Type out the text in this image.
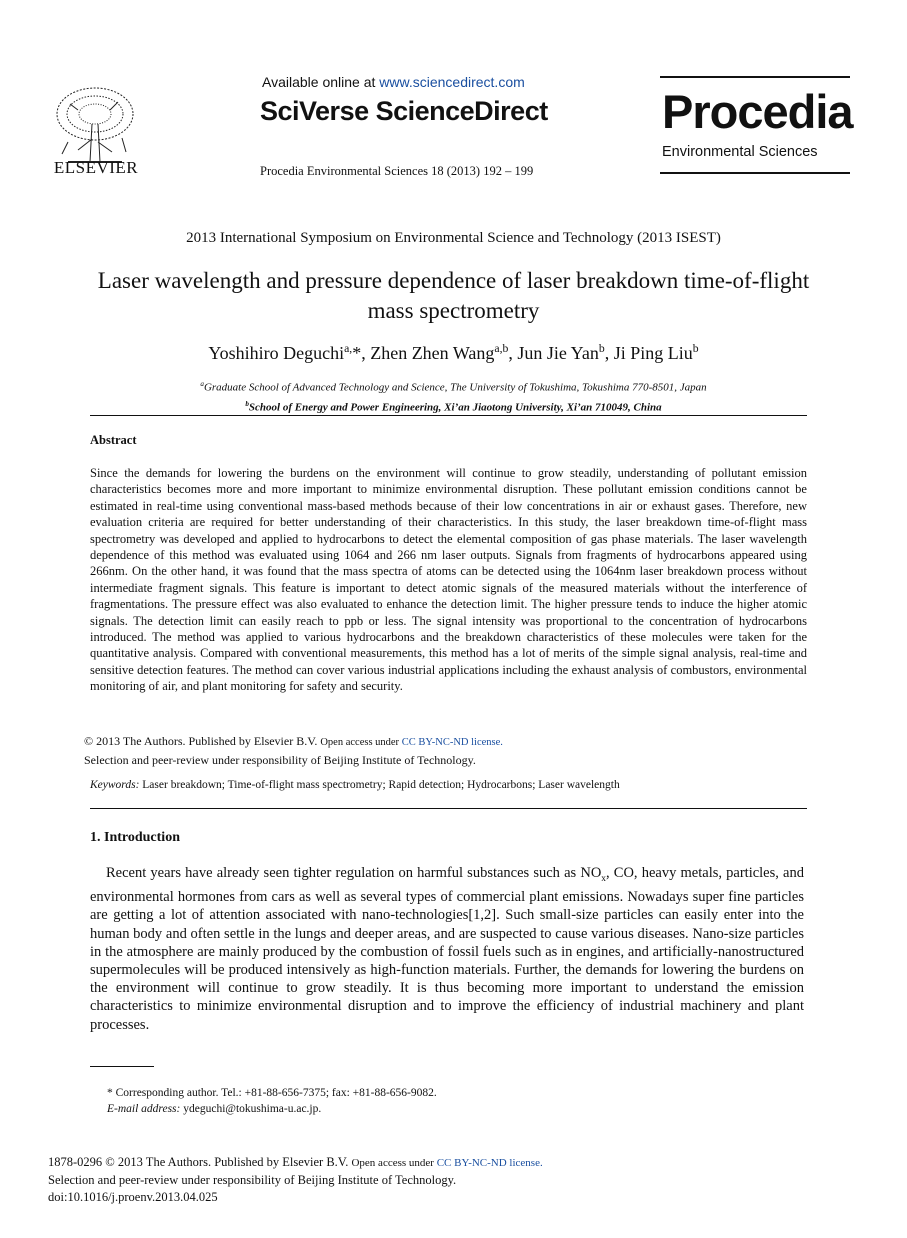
ELSEVIER
Available online at www.sciencedirect.com
SciVerse ScienceDirect
Procedia Environmental Sciences 18 (2013) 192 – 199
Procedia
Environmental Sciences
2013 International Symposium on Environmental Science and Technology (2013 ISEST)
Laser wavelength and pressure dependence of laser breakdown time-of-flight mass spectrometry
Yoshihiro Deguchi$^{a,}$*, Zhen Zhen Wang$^{a,b}$, Jun Jie Yan$^b$, Ji Ping Liu$^b$
$^a$Graduate School of Advanced Technology and Science, The University of Tokushima, Tokushima 770-8501, Japan
$^b$School of Energy and Power Engineering, Xi’an Jiaotong University, Xi’an 710049, China
Abstract
Since the demands for lowering the burdens on the environment will continue to grow steadily, understanding of pollutant emission characteristics becomes more and more important to minimize environmental disruption. These pollutant emission conditions cannot be estimated in real-time using conventional mass-based methods because of their low concentrations in air or exhaust gases. Therefore, new evaluation criteria are required for better understanding of their characteristics. In this study, the laser breakdown time-of-flight mass spectrometry was developed and applied to hydrocarbons to detect the elemental composition of gas phase materials. The laser wavelength dependence of this method was evaluated using 1064 and 266 nm laser outputs. Signals from fragments of hydrocarbons appeared using 266nm. On the other hand, it was found that the mass spectra of atoms can be detected using the 1064nm laser breakdown process without intermediate fragment signals. This feature is important to detect atomic signals of the measured materials without the interference of fragmentations. The pressure effect was also evaluated to enhance the detection limit. The higher pressure tends to induce the higher atomic signals. The detection limit can easily reach to ppb or less. The signal intensity was proportional to the concentration of hydrocarbons introduced. The method was applied to various hydrocarbons and the breakdown characteristics of these molecules were taken for the quantitative analysis. Compared with conventional measurements, this method has a lot of merits of the simple signal analysis, real-time and sensitive detection features. The method can cover various industrial applications including the exhaust analysis of combustors, environmental monitoring of air, and plant monitoring for safety and security.
© 2013 The Authors. Published by Elsevier B.V. Open access under CC BY-NC-ND license.
Selection and peer-review under responsibility of Beijing Institute of Technology.
Keywords: Laser breakdown; Time-of-flight mass spectrometry; Rapid detection; Hydrocarbons; Laser wavelength
1. Introduction
Recent years have already seen tighter regulation on harmful substances such as $NO_x$, CO, heavy metals, particles, and environmental hormones from cars as well as several types of commercial plant emissions. Nowadays super fine particles are getting a lot of attention associated with nano-technologies[1,2]. Such small-size particles can easily enter into the human body and often settle in the lungs and deeper areas, and are suspected to cause various diseases. Nano-size particles in the atmosphere are mainly produced by the combustion of fossil fuels such as in engines, and artificially-nanostructured supermolecules will be produced intensively as high-function materials. Further, the demands for lowering the burdens on the environment will continue to grow steadily. It is thus becoming more important to understand the emission characteristics to minimize environmental disruption and to improve the efficiency of industrial machinery and plant processes.
* Corresponding author. Tel.: +81-88-656-7375; fax: +81-88-656-9082.
E-mail address: ydeguchi@tokushima-u.ac.jp.
1878-0296 © 2013 The Authors. Published by Elsevier B.V. Open access under CC BY-NC-ND license.
Selection and peer-review under responsibility of Beijing Institute of Technology.
doi:10.1016/j.proenv.2013.04.025
